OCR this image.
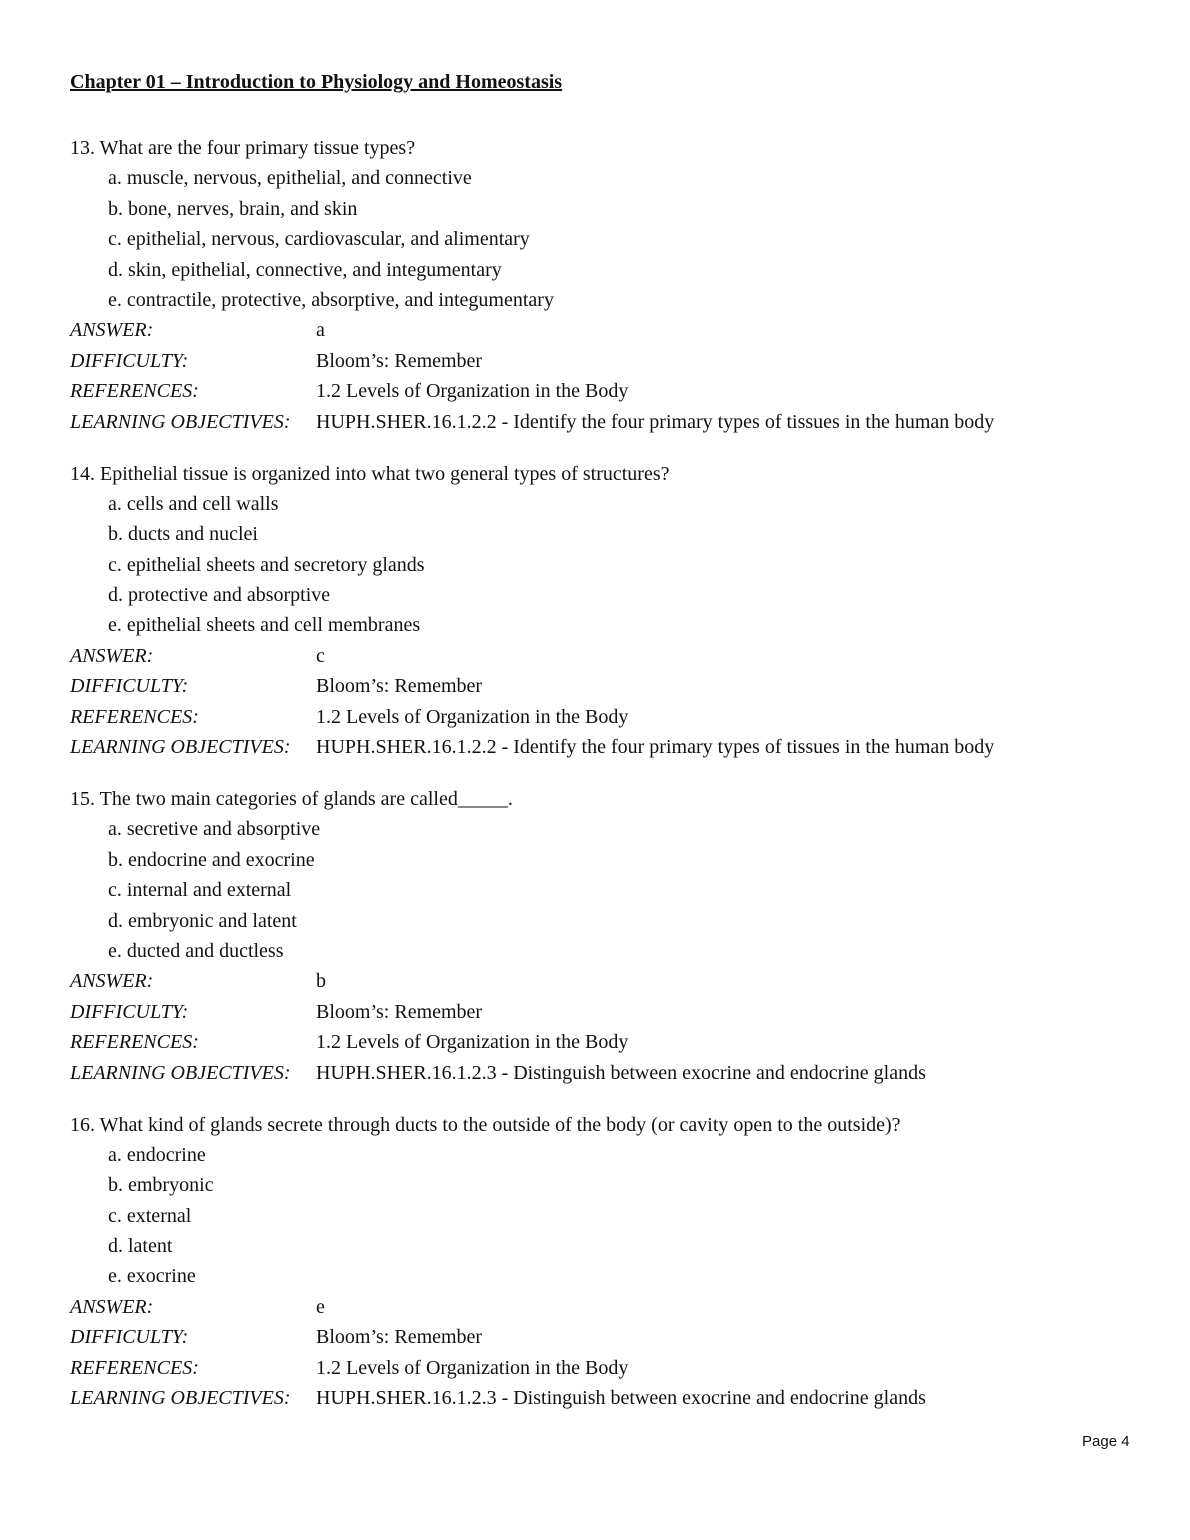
Chapter 01 – Introduction to Physiology and Homeostasis
13. What are the four primary tissue types?
a. muscle, nervous, epithelial, and connective
b. bone, nerves, brain, and skin
c. epithelial, nervous, cardiovascular, and alimentary
d. skin, epithelial, connective, and integumentary
e. contractile, protective, absorptive, and integumentary
ANSWER:	a
DIFFICULTY:	Bloom’s: Remember
REFERENCES:	1.2 Levels of Organization in the Body
LEARNING OBJECTIVES:	HUPH.SHER.16.1.2.2 - Identify the four primary types of tissues in the human body
14. Epithelial tissue is organized into what two general types of structures?
a. cells and cell walls
b. ducts and nuclei
c. epithelial sheets and secretory glands
d. protective and absorptive
e. epithelial sheets and cell membranes
ANSWER:	c
DIFFICULTY:	Bloom’s: Remember
REFERENCES:	1.2 Levels of Organization in the Body
LEARNING OBJECTIVES:	HUPH.SHER.16.1.2.2 - Identify the four primary types of tissues in the human body
15. The two main categories of glands are called_____.
a. secretive and absorptive
b. endocrine and exocrine
c. internal and external
d. embryonic and latent
e. ducted and ductless
ANSWER:	b
DIFFICULTY:	Bloom’s: Remember
REFERENCES:	1.2 Levels of Organization in the Body
LEARNING OBJECTIVES:	HUPH.SHER.16.1.2.3 - Distinguish between exocrine and endocrine glands
16. What kind of glands secrete through ducts to the outside of the body (or cavity open to the outside)?
a. endocrine
b. embryonic
c. external
d. latent
e. exocrine
ANSWER:	e
DIFFICULTY:	Bloom’s: Remember
REFERENCES:	1.2 Levels of Organization in the Body
LEARNING OBJECTIVES:	HUPH.SHER.16.1.2.3 - Distinguish between exocrine and endocrine glands
Page 4
